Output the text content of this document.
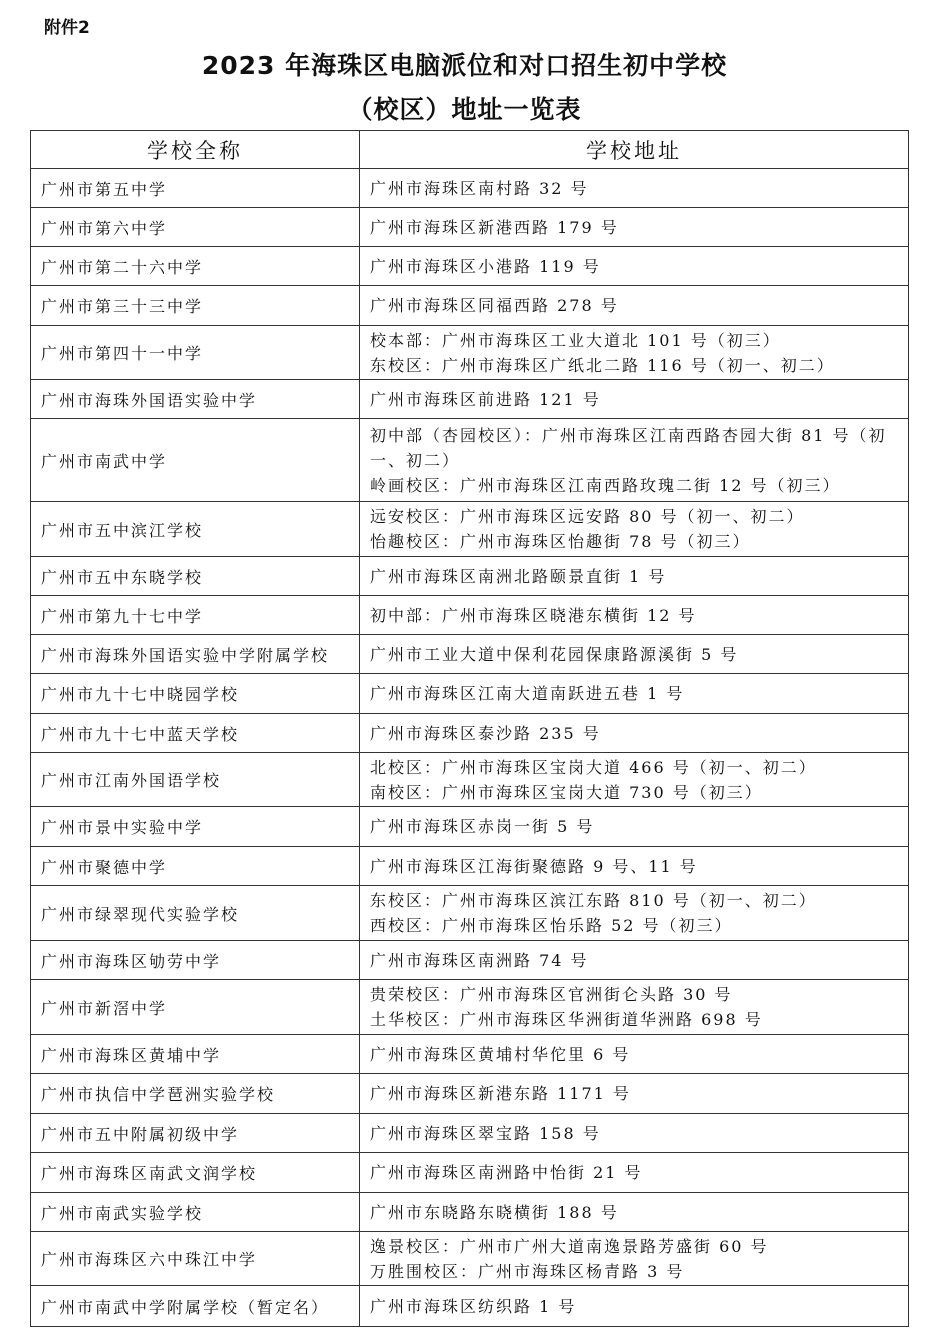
附件2
2023 年海珠区电脑派位和对口招生初中学校
（校区）地址一览表
学校全称	学校地址
广州市第五中学	广州市海珠区南村路 32 号

广州市第六中学	广州市海珠区新港西路 179 号

广州市第二十六中学	广州市海珠区小港路 119 号

广州市第三十三中学	广州市海珠区同福西路 278 号

广州市第四十一中学	校本部：广州市海珠区工业大道北 101 号（初三）
东校区：广州市海珠区广纸北二路 116 号（初一、初二）

广州市海珠外国语实验中学	广州市海珠区前进路 121 号

广州市南武中学	初中部（杏园校区）：广州市海珠区江南西路杏园大街 81 号（初一、初二）
岭画校区：广州市海珠区江南西路玫瑰二街 12 号（初三）

广州市五中滨江学校	远安校区：广州市海珠区远安路 80 号（初一、初二）
怡趣校区：广州市海珠区怡趣街 78 号（初三）

广州市五中东晓学校	广州市海珠区南洲北路颐景直街 1 号

广州市第九十七中学	初中部：广州市海珠区晓港东横街 12 号

广州市海珠外国语实验中学附属学校	广州市工业大道中保利花园保康路源溪街 5 号

广州市九十七中晓园学校	广州市海珠区江南大道南跃进五巷 1 号

广州市九十七中蓝天学校	广州市海珠区泰沙路 235 号

广州市江南外国语学校	北校区：广州市海珠区宝岗大道 466 号（初一、初二）
南校区：广州市海珠区宝岗大道 730 号（初三）

广州市景中实验中学	广州市海珠区赤岗一街 5 号

广州市聚德中学	广州市海珠区江海街聚德路 9 号、11 号

广州市绿翠现代实验学校	东校区：广州市海珠区滨江东路 810 号（初一、初二）
西校区：广州市海珠区怡乐路 52 号（初三）

广州市海珠区劬劳中学	广州市海珠区南洲路 74 号

广州市新滘中学	贵荣校区：广州市海珠区官洲街仑头路 30 号
土华校区：广州市海珠区华洲街道华洲路 698 号

广州市海珠区黄埔中学	广州市海珠区黄埔村华佗里 6 号

广州市执信中学琶洲实验学校	广州市海珠区新港东路 1171 号

广州市五中附属初级中学	广州市海珠区翠宝路 158 号

广州市海珠区南武文润学校	广州市海珠区南洲路中怡街 21 号

广州市南武实验学校	广州市东晓路东晓横街 188 号

广州市海珠区六中珠江中学	逸景校区：广州市广州大道南逸景路芳盛街 60 号
万胜围校区：广州市海珠区杨青路 3 号

广州市南武中学附属学校（暂定名）	广州市海珠区纺织路 1 号
